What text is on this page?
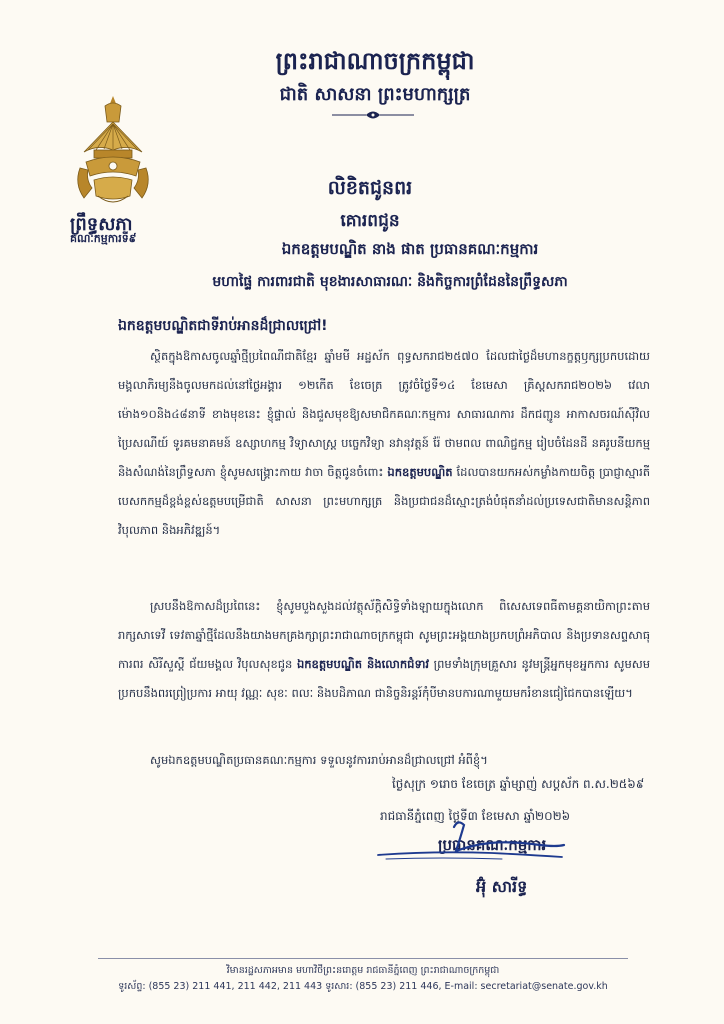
ព្រះរាជាណាចក្រកម្ពុជា
ជាតិ សាសនា ព្រះមហាក្សត្រ
ព្រឹទ្ធសភា
គណៈកម្មការទី៩
លិខិតជូនពរ
គោរពជូន
ឯកឧត្តមបណ្ឌិត នាង ផាត ប្រធានគណៈកម្មការ
មហាផ្ទៃ ការពារជាតិ មុខងារសាធារណៈ និងកិច្ចការព្រំដែននៃព្រឹទ្ធសភា
ឯកឧត្តមបណ្ឌិតជាទីរាប់អានដ៏ជ្រាលជ្រៅ!

ស្ថិតក្នុងឱកាសចូលឆ្នាំថ្មីប្រពៃណីជាតិខ្មែរ ឆ្នាំមមី អដ្ឋស័ក ពុទ្ធសករាជ២៥៧០ ដែលជាថ្ងៃដ៏មហានក្ខត្តឫក្សប្រកបដោយមង្គលាភិរម្យនឹងចូលមកដល់នៅថ្ងៃអង្គារ ១២កើត ខែចេត្រ ត្រូវចំថ្ងៃទី១៤ ខែមេសា គ្រិស្តសករាជ២០២៦ វេលាម៉ោង១០និង៤៨នាទី ខាងមុខនេះ ខ្ញុំផ្ទាល់ និងជួសមុខឱ្យសមាជិកគណៈកម្មការ សាធារណការ ដឹកជញ្ជូន អាកាសចរណ៍ស៊ីវិល ប្រៃសណីយ៍ ទូរគមនាគមន៍ ឧស្សាហកម្ម វិទ្យាសាស្ត្រ បច្ចេកវិទ្យា នវានុវត្តន៍ រ៉ែ ថាមពល ពាណិជ្ជកម្ម រៀបចំដែនដី នគរូបនីយកម្ម និងសំណង់នៃព្រឹទ្ធសភា ខ្ញុំសូមសង្គ្រោះកាយ វាចា ចិត្តជូនចំពោះ ឯកឧត្តមបណ្ឌិត ដែលបានយកអស់កម្លាំងកាយចិត្ត ប្រាជ្ញាស្មារតីបេសកកម្មដ៏ខ្ពង់ខ្ពស់ឧត្តមបម្រើជាតិ សាសនា ព្រះមហាក្សត្រ និងប្រជាជនដ៏ស្មោះត្រង់បំផុតនាំដល់ប្រទេសជាតិមានសន្តិភាព វិបុលភាព និងអភិវឌ្ឍន៍។

ស្របនឹងឱកាសដ៏ប្រពៃនេះ ខ្ញុំសូមបួងសួងដល់វត្ថុស័ក្តិសិទ្ធិទាំងឡាយក្នុងលោក ពិសេសទេពធីតាមគ្គនាយិកាព្រះតាមរាក្សសាទេវី ទេវតាឆ្នាំថ្មីដែលនឹងយាងមកគ្រងក្សាព្រះរាជាណាចក្រកម្ពុជា សូមព្រះអង្គយាងប្រកបព្រំអភិបាល និងប្រទានសព្ទសាធុការពរ សិរីសួស្តី ជ័យមង្គល វិបុលសុខជូន ឯកឧត្តមបណ្ឌិត និងលោកជំទាវ ព្រមទាំងក្រុមគ្រួសារ នូវមន្ត្រីអ្នកមុខអ្នកការ សូមសមប្រកបនឹងពរព្រៀប្រការ អាយុ វណ្ណៈ សុខៈ ពលៈ និងបដិភាណ ជានិច្ចនិរន្តរ៍កុំបីមានបការណាមួយមករំខានជៀជៃកបានឡើយ។

សូមឯកឧត្តមបណ្ឌិតប្រធានគណៈកម្មការ ទទួលនូវការរាប់អានដ៏ជ្រាលជ្រៅ អំពីខ្ញុំ។

ថ្ងៃសុក្រ ១រោច ខែចេត្រ ឆ្នាំម្សាញ់ សប្តស័ក ព.ស.២៥៦៩
រាជធានីភ្នំពេញ ថ្ងៃទី៣ ខែមេសា ឆ្នាំ២០២៦
ប្រធានគណៈកម្មការ
អ៊ុំ សារីទ្ធ
វិមានរដ្ឋសភាអមាន មហាវិថីព្រះនរោត្តម រាជធានីភ្នំពេញ ព្រះរាជាណាចក្រកម្ពុជា
ទូរស័ព្ទ: (855 23) 211 441, 211 442, 211 443 ទូរសារ: (855 23) 211 446, E-mail: secretariat@senate.gov.kh
